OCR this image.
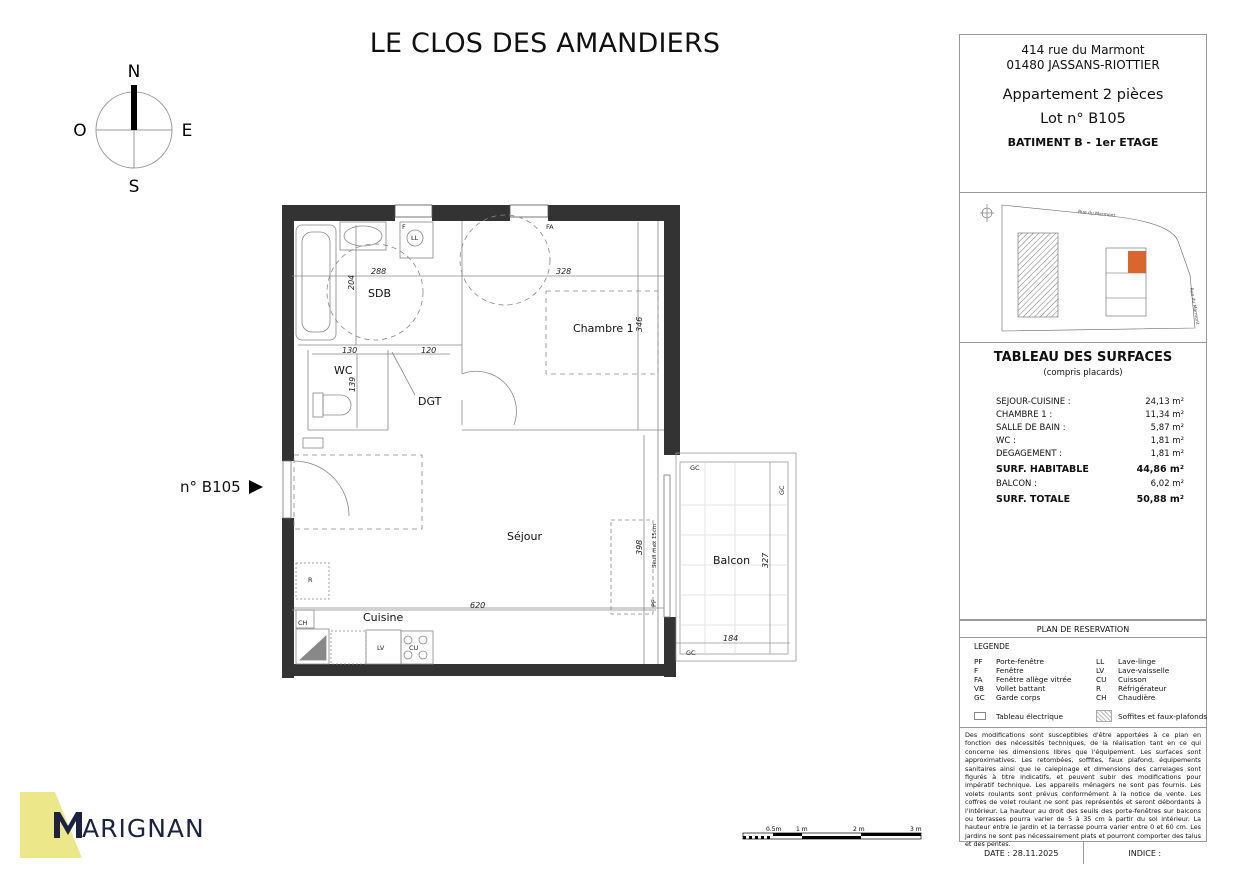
LE CLOS DES AMANDIERS
N
O	E
S
n° B105
SDB
WC
DGT
Chambre 1
Séjour
Cuisine
Balcon
288
204
328
346
130
139
120
620
398
184
327
F
LL
FA
R
CH
LV	CU
PF
Seuil max 15cm
GC
GC
GC
ARIGNAN	0.5m 1 m	2 m	3 m
414 rue du Marmont
01480 JASSANS-RIOTTIER
Appartement 2 pièces
Lot n° B105
BATIMENT B - 1er ETAGE
Rue du Marmont
Rue du Marmont
TABLEAU DES SURFACES
(compris placards)
SEJOUR-CUISINE :	24,13 m²
CHAMBRE 1 :	11,34 m²
SALLE DE BAIN :	5,87 m²
WC :	1,81 m²
DEGAGEMENT :	1,81 m²
SURF. HABITABLE	44,86 m²
BALCON :	6,02 m²
SURF. TOTALE	50,88 m²
PLAN DE RESERVATION
LEGENDE
PF	Porte-fenêtre	LL	Lave-linge
F	Fenêtre	LV	Lave-vaisselle
FA	Fenêtre allège vitrée	CU	Cuisson
VB	Vollet battant	R	Réfrigérateur
GC	Garde corps	CH	Chaudière
Tableau électrique	Soffites et faux-plafonds
Des modifications sont susceptibles d'être apportées à ce plan en fonction des nécessités techniques, de la réalisation tant en ce qui concerne les dimensions libres que l'équipement. Les surfaces sont approximatives. Les retombées, soffites, faux plafond, équipements sanitaires ainsi que le calepinage et dimensions des carrelages sont figurés à titre indicatifs, et peuvent subir des modifications pour impératif technique. Les appareils ménagers ne sont pas fournis. Les volets roulants sont prévus conformément à la notice de vente. Les coffres de volet roulant ne sont pas représentés et seront débordants à l'intérieur. La hauteur au droit des seuils des porte-fenêtres sur balcons ou terrasses pourra varier de 5 à 35 cm à partir du sol intérieur. La hauteur entre le jardin et la terrasse pourra varier entre 0 et 60 cm. Les jardins ne sont pas nécessairement plats et pourront comporter des talus et des pentes.
DATE : 28.11.2025	INDICE :
